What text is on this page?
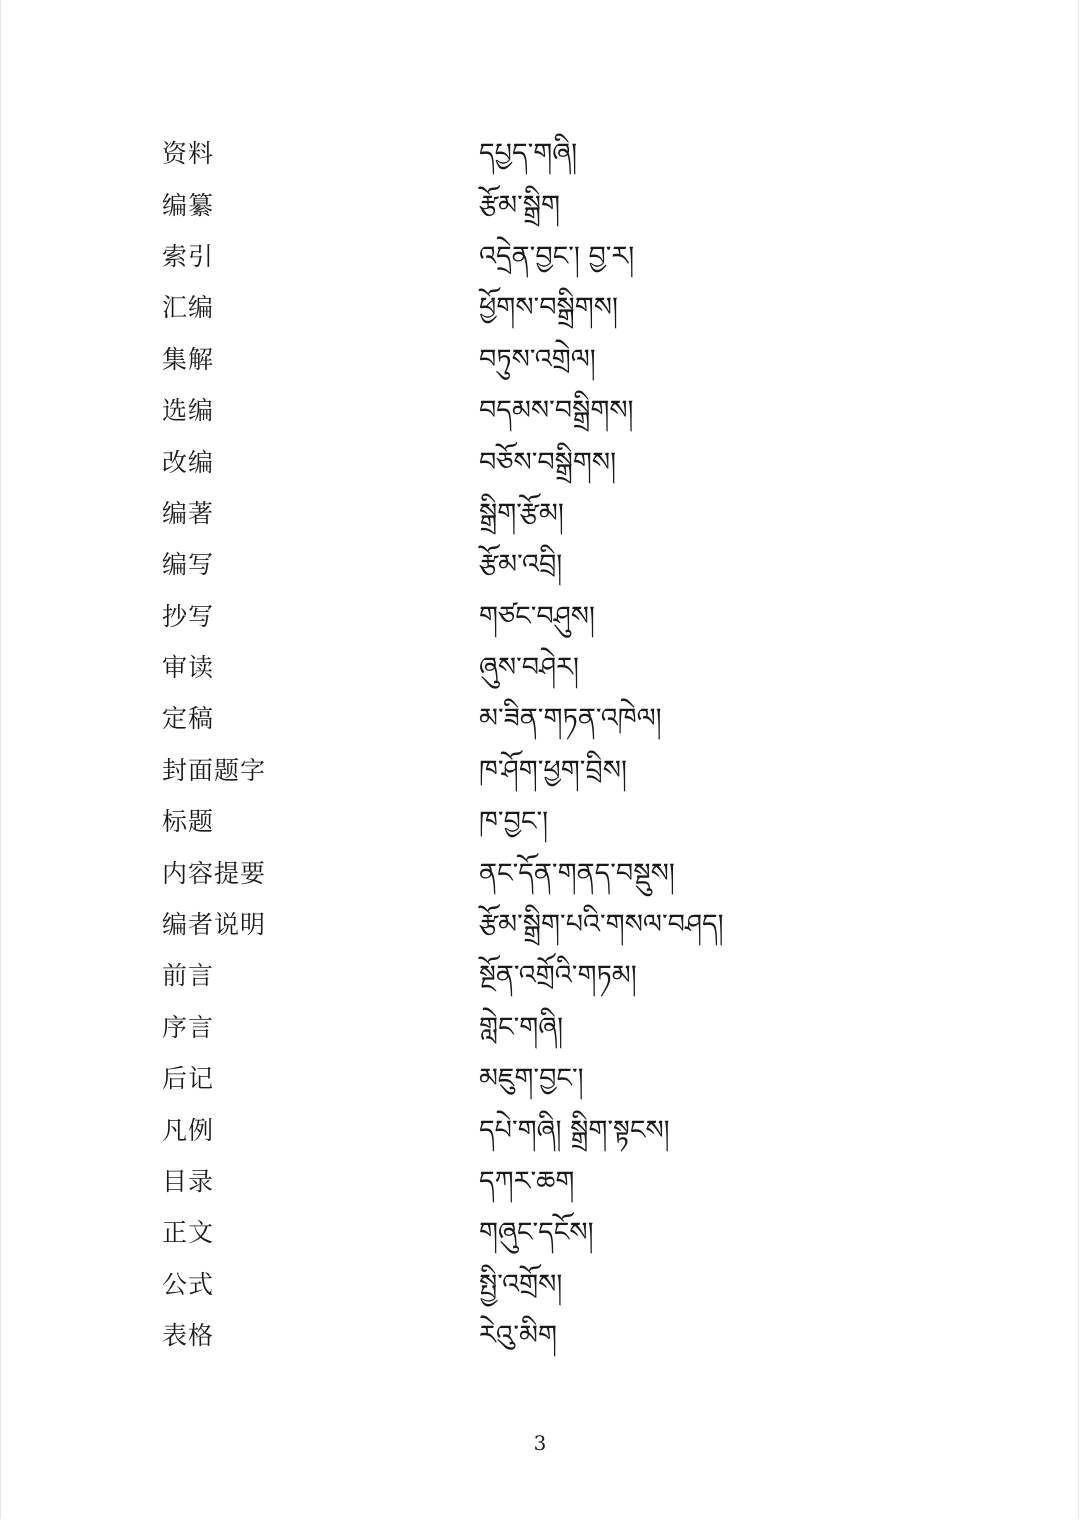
资料	དཔྱད་གཞི།
编纂	རྩོམ་སྒྲིག
索引	འདྲེན་བྱང་། བྱ་ར།
汇编	ཕྱོགས་བསྒྲིགས།
集解	བཏུས་འགྲེལ།
选编	བདམས་བསྒྲིགས།
改编	བཅོས་བསྒྲིགས།
编著	སྒྲིག་རྩོམ།
编写	རྩོམ་འབྲི།
抄写	གཙང་བཤུས།
审读	ཞུས་བཤེར།
定稿	མ་ཟིན་གཏན་འཁེལ།
封面题字	ཁ་ཤོག་ཕྱག་བྲིས།
标题	ཁ་བྱང་།
内容提要	ནང་དོན་གནད་བསྡུས།
编者说明	རྩོམ་སྒྲིག་པའི་གསལ་བཤད།
前言	སྔོན་འགྲོའི་གཏམ།
序言	གླེང་གཞི།
后记	མཇུག་བྱང་།
凡例	དཔེ་གཞི། སྒྲིག་སྟངས།
目录	དཀར་ཆག
正文	གཞུང་དངོས།
公式	སྤྱི་འགྲོས།
表格	རེའུ་མིག
3
